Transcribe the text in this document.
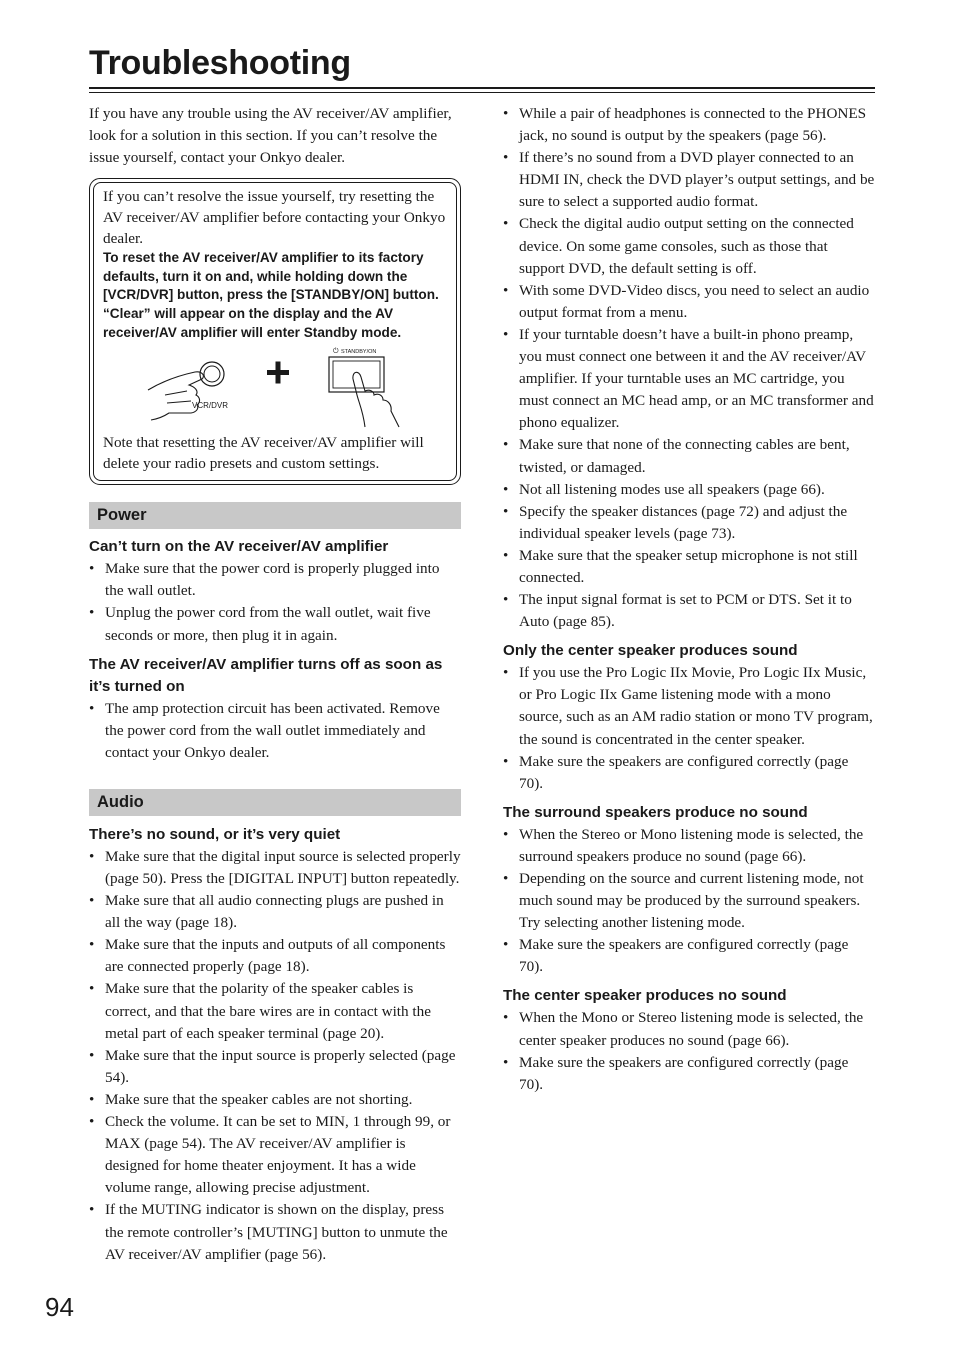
Troubleshooting

If you have any trouble using the AV receiver/AV amplifier, look for a solution in this section. If you can’t resolve the issue yourself, contact your Onkyo dealer.

If you can’t resolve the issue yourself, try resetting the AV receiver/AV amplifier before contacting your Onkyo dealer.

To reset the AV receiver/AV amplifier to its factory defaults, turn it on and, while holding down the [VCR/DVR] button, press the [STANDBY/ON] button. “Clear” will appear on the display and the AV receiver/AV amplifier will enter Standby mode.

VCR/DVR
⏻ STANDBY/ON

Note that resetting the AV receiver/AV amplifier will delete your radio presets and custom settings.

Power

Can’t turn on the AV receiver/AV amplifier

• Make sure that the power cord is properly plugged into the wall outlet.
• Unplug the power cord from the wall outlet, wait five seconds or more, then plug it in again.

The AV receiver/AV amplifier turns off as soon as it’s turned on

• The amp protection circuit has been activated. Remove the power cord from the wall outlet immediately and contact your Onkyo dealer.
Audio

There’s no sound, or it’s very quiet

• Make sure that the digital input source is selected properly (page 50). Press the [DIGITAL INPUT] button repeatedly.
• Make sure that all audio connecting plugs are pushed in all the way (page 18).
• Make sure that the inputs and outputs of all components are connected properly (page 18).
• Make sure that the polarity of the speaker cables is correct, and that the bare wires are in contact with the metal part of each speaker terminal (page 20).
• Make sure that the input source is properly selected (page 54).
• Make sure that the speaker cables are not shorting.
• Check the volume. It can be set to MIN, 1 through 99, or MAX (page 54). The AV receiver/AV amplifier is designed for home theater enjoyment. It has a wide volume range, allowing precise adjustment.
• If the MUTING indicator is shown on the display, press the remote controller’s [MUTING] button to unmute the AV receiver/AV amplifier (page 56).
• While a pair of headphones is connected to the PHONES jack, no sound is output by the speakers (page 56).
• If there’s no sound from a DVD player connected to an HDMI IN, check the DVD player’s output settings, and be sure to select a supported audio format.
• Check the digital audio output setting on the connected device. On some game consoles, such as those that support DVD, the default setting is off.
• With some DVD-Video discs, you need to select an audio output format from a menu.
• If your turntable doesn’t have a built-in phono preamp, you must connect one between it and the AV receiver/AV amplifier. If your turntable uses an MC cartridge, you must connect an MC head amp, or an MC transformer and phono equalizer.
• Make sure that none of the connecting cables are bent, twisted, or damaged.
• Not all listening modes use all speakers (page 66).
• Specify the speaker distances (page 72) and adjust the individual speaker levels (page 73).
• Make sure that the speaker setup microphone is not still connected.
• The input signal format is set to PCM or DTS. Set it to Auto (page 85).

Only the center speaker produces sound

• If you use the Pro Logic IIx Movie, Pro Logic IIx Music, or Pro Logic IIx Game listening mode with a mono source, such as an AM radio station or mono TV program, the sound is concentrated in the center speaker.
• Make sure the speakers are configured correctly (page 70).

The surround speakers produce no sound

• When the Stereo or Mono listening mode is selected, the surround speakers produce no sound (page 66).
• Depending on the source and current listening mode, not much sound may be produced by the surround speakers. Try selecting another listening mode.
• Make sure the speakers are configured correctly (page 70).

The center speaker produces no sound

• When the Mono or Stereo listening mode is selected, the center speaker produces no sound (page 66).
• Make sure the speakers are configured correctly (page 70).
94
